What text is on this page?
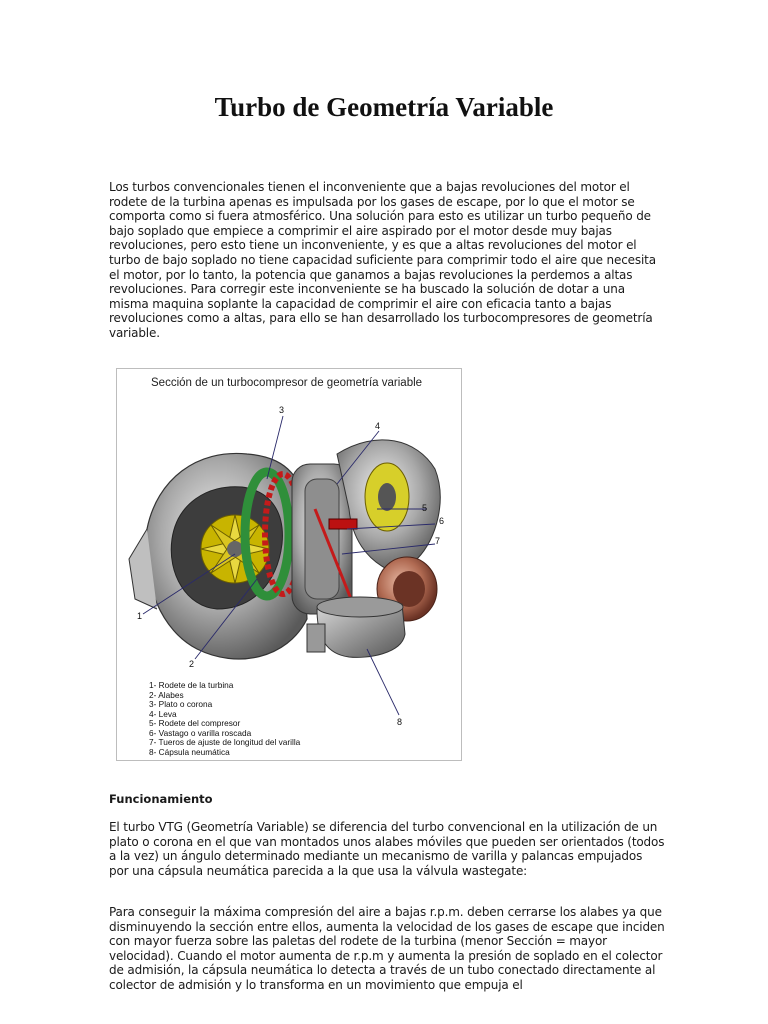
Turbo de Geometría Variable

Los turbos convencionales tienen el inconveniente que a bajas revoluciones del motor el rodete de la turbina apenas es impulsada por los gases de escape, por lo que el motor se comporta como si fuera atmosférico. Una solución para esto es utilizar un turbo pequeño de bajo soplado que empiece a comprimir el aire aspirado por el motor desde muy bajas revoluciones, pero esto tiene un inconveniente, y es que a altas revoluciones del motor el turbo de bajo soplado no tiene capacidad suficiente para comprimir todo el aire que necesita el motor, por lo tanto, la potencia que ganamos a bajas revoluciones la perdemos a altas revoluciones. Para corregir este inconveniente se ha buscado la solución de dotar a una misma maquina soplante la capacidad de comprimir el aire con eficacia tanto a bajas revoluciones como a altas, para ello se han desarrollado los turbocompresores de geometría variable.

Sección de un turbocompresor de geometría variable
1
2
3
4
5
6
7
8
1- Rodete de la turbina
2- Alabes
3- Plato o corona
4- Leva
5- Rodete del compresor
6- Vastago o varilla roscada
7- Tueros de ajuste de longitud del varilla
8- Cápsula neumática
Funcionamiento

El turbo VTG (Geometría Variable) se diferencia del turbo convencional en la utilización de un plato o corona en el que van montados unos alabes móviles que pueden ser orientados (todos a la vez) un ángulo determinado mediante un mecanismo de varilla y palancas empujados por una cápsula neumática parecida a la que usa la válvula wastegate:

Para conseguir la máxima compresión del aire a bajas r.p.m. deben cerrarse los alabes ya que disminuyendo la sección entre ellos, aumenta la velocidad de los gases de escape que inciden con mayor fuerza sobre las paletas del rodete de la turbina (menor Sección = mayor velocidad). Cuando el motor aumenta de r.p.m y aumenta la presión de soplado en el colector de admisión, la cápsula neumática lo detecta a través de un tubo conectado directamente al colector de admisión y lo transforma en un movimiento que empuja el
